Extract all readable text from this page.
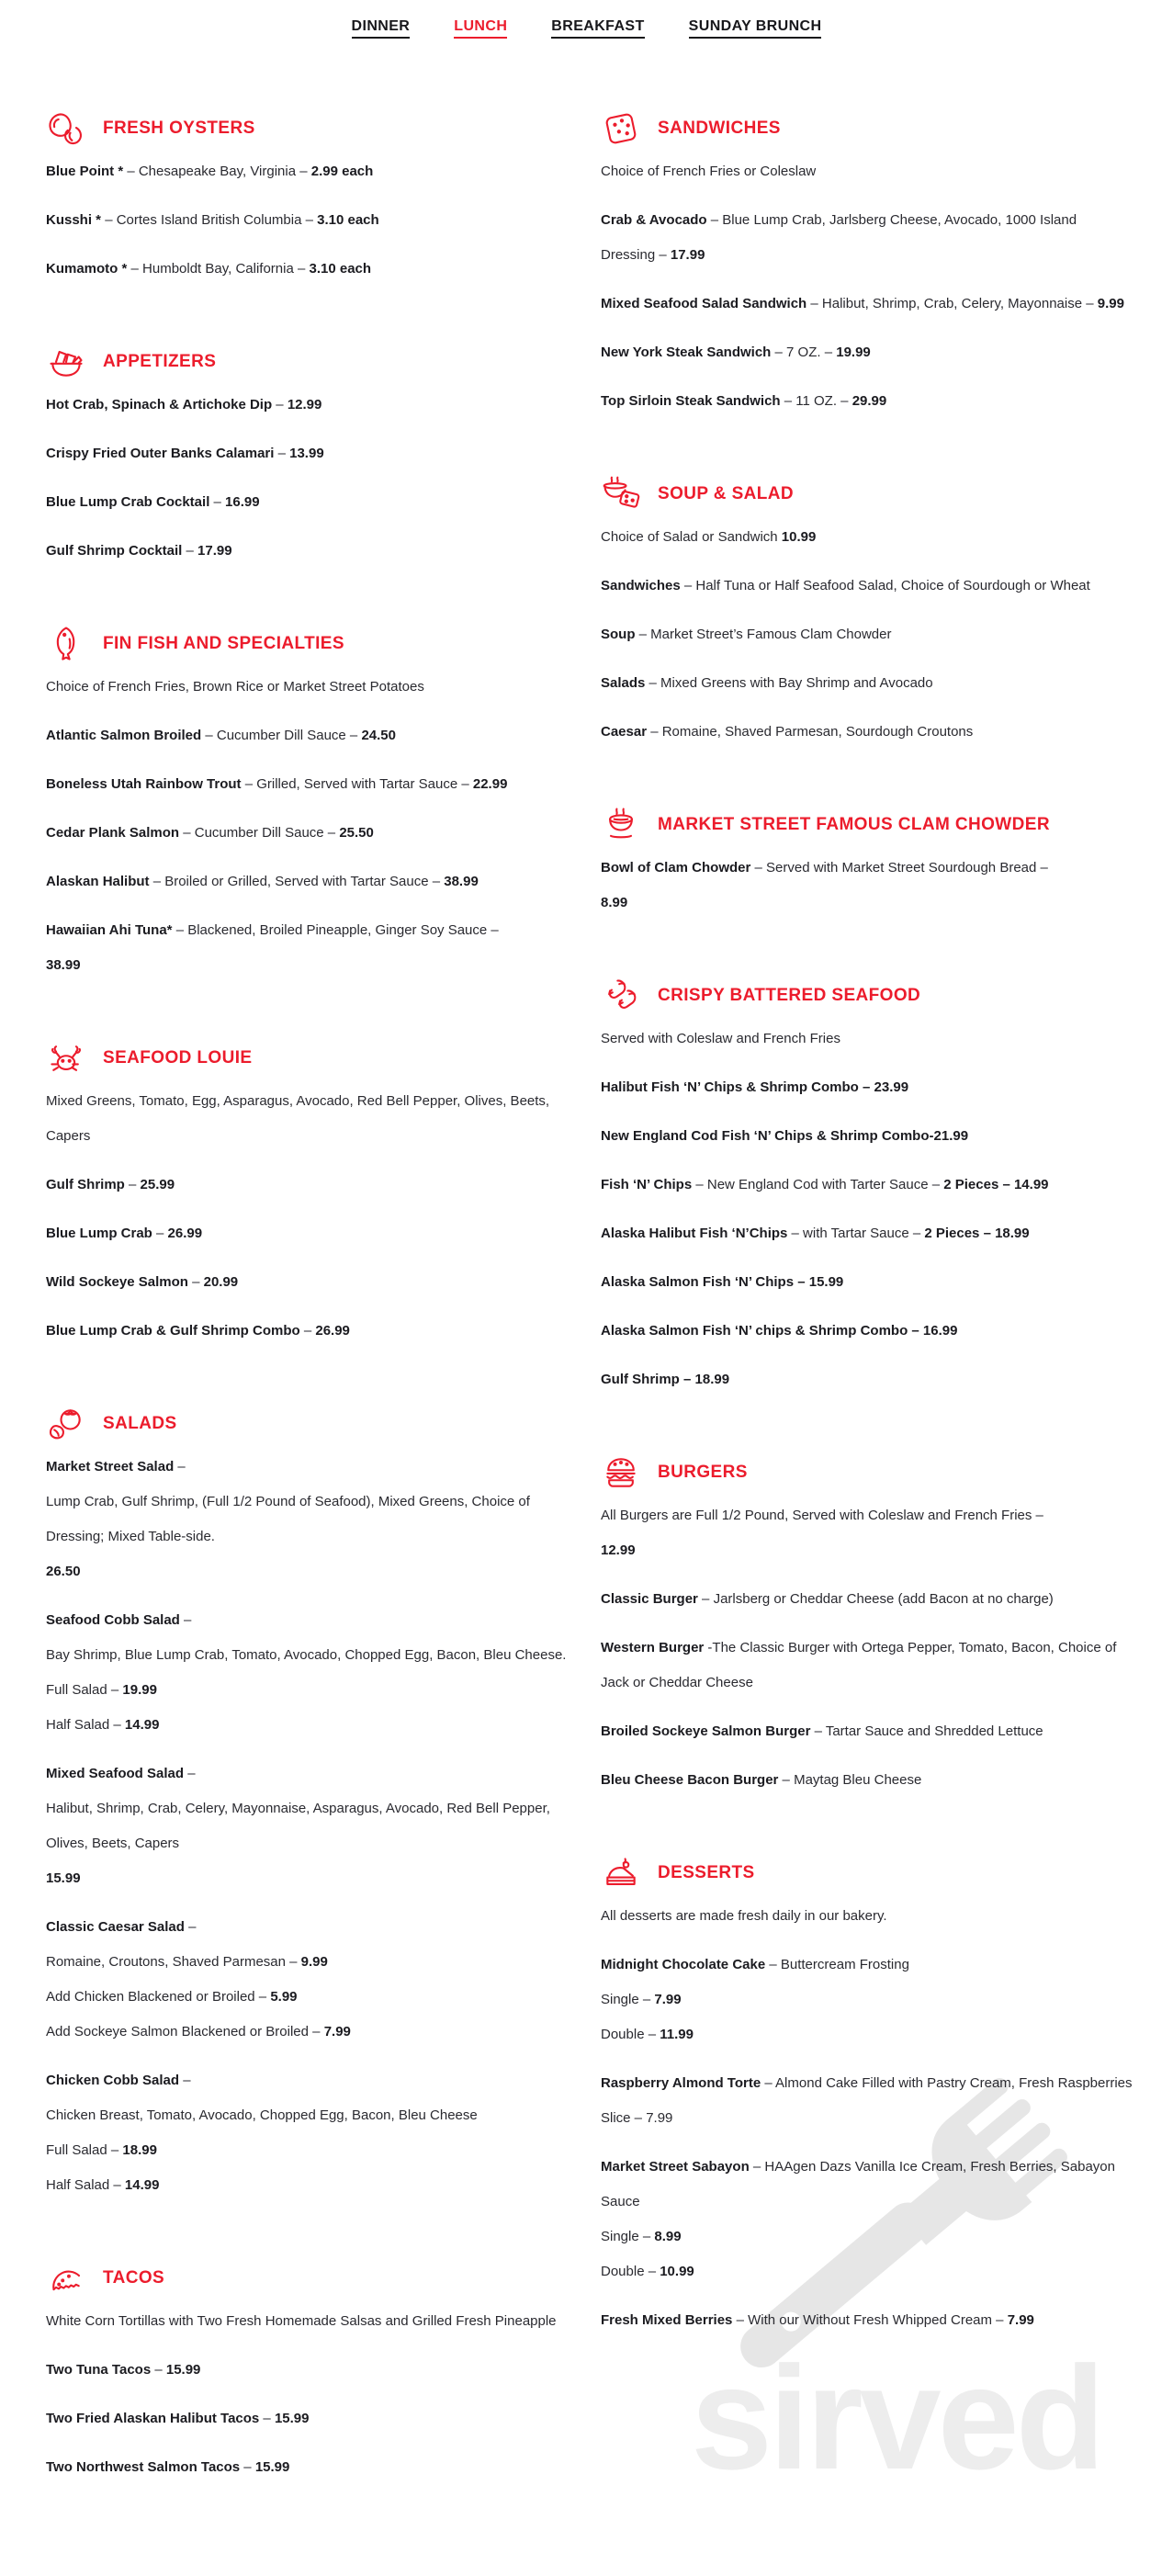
DINNER	LUNCH	BREAKFAST	SUNDAY BRUNCH
sirved
FRESH OYSTERS

Blue Point * – Chesapeake Bay, Virginia – 2.99 each

Kusshi * – Cortes Island British Columbia – 3.10 each

Kumamoto * – Humboldt Bay, California – 3.10 each

APPETIZERS

Hot Crab, Spinach & Artichoke Dip – 12.99

Crispy Fried Outer Banks Calamari – 13.99

Blue Lump Crab Cocktail – 16.99

Gulf Shrimp Cocktail – 17.99

FIN FISH AND SPECIALTIES

Choice of French Fries, Brown Rice or Market Street Potatoes

Atlantic Salmon Broiled – Cucumber Dill Sauce – 24.50

Boneless Utah Rainbow Trout – Grilled, Served with Tartar Sauce – 22.99

Cedar Plank Salmon – Cucumber Dill Sauce – 25.50

Alaskan Halibut – Broiled or Grilled, Served with Tartar Sauce – 38.99

Hawaiian Ahi Tuna* – Blackened, Broiled Pineapple, Ginger Soy Sauce –

38.99

SEAFOOD LOUIE

Mixed Greens, Tomato, Egg, Asparagus, Avocado, Red Bell Pepper, Olives, Beets, Capers

Gulf Shrimp – 25.99

Blue Lump Crab – 26.99

Wild Sockeye Salmon – 20.99

Blue Lump Crab & Gulf Shrimp Combo – 26.99

SALADS

Market Street Salad –

Lump Crab, Gulf Shrimp, (Full 1/2 Pound of Seafood), Mixed Greens, Choice of Dressing; Mixed Table-side.

26.50

Seafood Cobb Salad –

Bay Shrimp, Blue Lump Crab, Tomato, Avocado, Chopped Egg, Bacon, Bleu Cheese.

Full Salad – 19.99

Half Salad – 14.99

Mixed Seafood Salad –

Halibut, Shrimp, Crab, Celery, Mayonnaise, Asparagus, Avocado, Red Bell Pepper, Olives, Beets, Capers

15.99

Classic Caesar Salad –

Romaine, Croutons, Shaved Parmesan – 9.99

Add Chicken Blackened or Broiled – 5.99

Add Sockeye Salmon Blackened or Broiled – 7.99

Chicken Cobb Salad –

Chicken Breast, Tomato, Avocado, Chopped Egg, Bacon, Bleu Cheese

Full Salad – 18.99

Half Salad – 14.99

TACOS

White Corn Tortillas with Two Fresh Homemade Salsas and Grilled Fresh Pineapple

Two Tuna Tacos – 15.99

Two Fried Alaskan Halibut Tacos – 15.99

Two Northwest Salmon Tacos – 15.99

SANDWICHES

Choice of French Fries or Coleslaw

Crab & Avocado – Blue Lump Crab, Jarlsberg Cheese, Avocado, 1000 Island Dressing – 17.99

Mixed Seafood Salad Sandwich – Halibut, Shrimp, Crab, Celery, Mayonnaise – 9.99

New York Steak Sandwich – 7 OZ. – 19.99

Top Sirloin Steak Sandwich – 11 OZ. – 29.99

SOUP & SALAD

Choice of Salad or Sandwich 10.99

Sandwiches – Half Tuna or Half Seafood Salad, Choice of Sourdough or Wheat

Soup – Market Street’s Famous Clam Chowder

Salads – Mixed Greens with Bay Shrimp and Avocado

Caesar – Romaine, Shaved Parmesan, Sourdough Croutons

MARKET STREET FAMOUS CLAM CHOWDER

Bowl of Clam Chowder – Served with Market Street Sourdough Bread –

8.99

CRISPY BATTERED SEAFOOD

Served with Coleslaw and French Fries

Halibut Fish ‘N’ Chips & Shrimp Combo – 23.99

New England Cod Fish ‘N’ Chips & Shrimp Combo-21.99

Fish ‘N’ Chips – New England Cod with Tarter Sauce – 2 Pieces – 14.99

Alaska Halibut Fish ‘N’Chips – with Tartar Sauce – 2 Pieces – 18.99

Alaska Salmon Fish ‘N’ Chips – 15.99

Alaska Salmon Fish ‘N’ chips & Shrimp Combo – 16.99

Gulf Shrimp – 18.99

BURGERS

All Burgers are Full 1/2 Pound, Served with Coleslaw and French Fries –

12.99

Classic Burger – Jarlsberg or Cheddar Cheese (add Bacon at no charge)

Western Burger -The Classic Burger with Ortega Pepper, Tomato, Bacon, Choice of Jack or Cheddar Cheese

Broiled Sockeye Salmon Burger – Tartar Sauce and Shredded Lettuce

Bleu Cheese Bacon Burger – Maytag Bleu Cheese

DESSERTS

All desserts are made fresh daily in our bakery.

Midnight Chocolate Cake – Buttercream Frosting

Single – 7.99

Double – 11.99

Raspberry Almond Torte – Almond Cake Filled with Pastry Cream, Fresh Raspberries

Slice – 7.99

Market Street Sabayon – HAAgen Dazs Vanilla Ice Cream, Fresh Berries, Sabayon Sauce

Single – 8.99

Double – 10.99

Fresh Mixed Berries – With our Without Fresh Whipped Cream – 7.99
